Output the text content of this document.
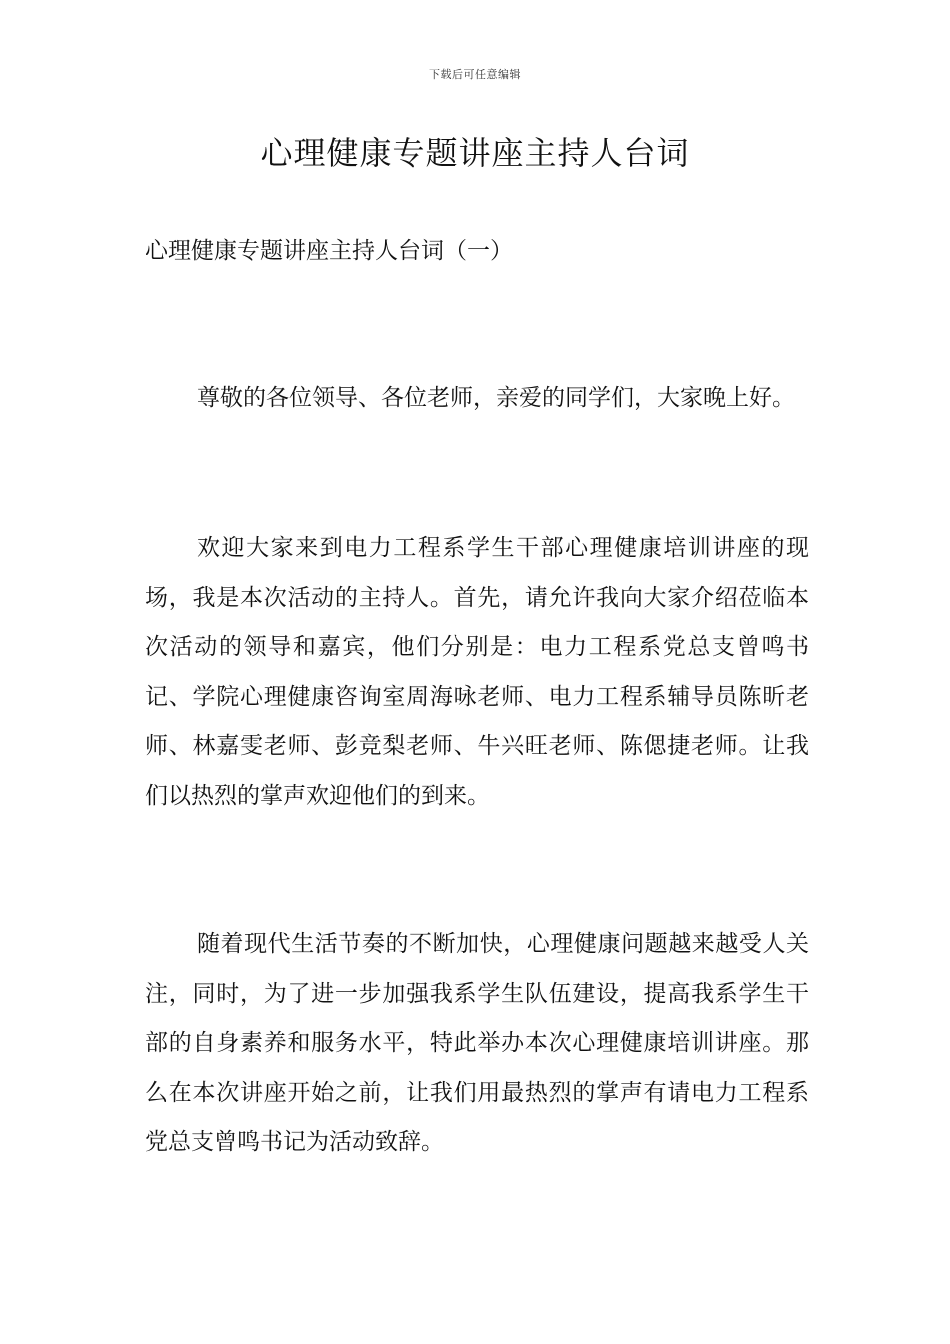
下载后可任意编辑
心理健康专题讲座主持人台词
心理健康专题讲座主持人台词（一）

尊敬的各位领导、各位老师，亲爱的同学们，大家晚上好。

欢迎大家来到电力工程系学生干部心理健康培训讲座的现场，我是本次活动的主持人。首先，请允许我向大家介绍莅临本次活动的领导和嘉宾，他们分别是：电力工程系党总支曾鸣书记、学院心理健康咨询室周海咏老师、电力工程系辅导员陈昕老师、林嘉雯老师、彭竞梨老师、牛兴旺老师、陈偲捷老师。让我们以热烈的掌声欢迎他们的到来。

随着现代生活节奏的不断加快，心理健康问题越来越受人关注，同时，为了进一步加强我系学生队伍建设，提高我系学生干部的自身素养和服务水平，特此举办本次心理健康培训讲座。那么在本次讲座开始之前，让我们用最热烈的掌声有请电力工程系党总支曾鸣书记为活动致辞。
